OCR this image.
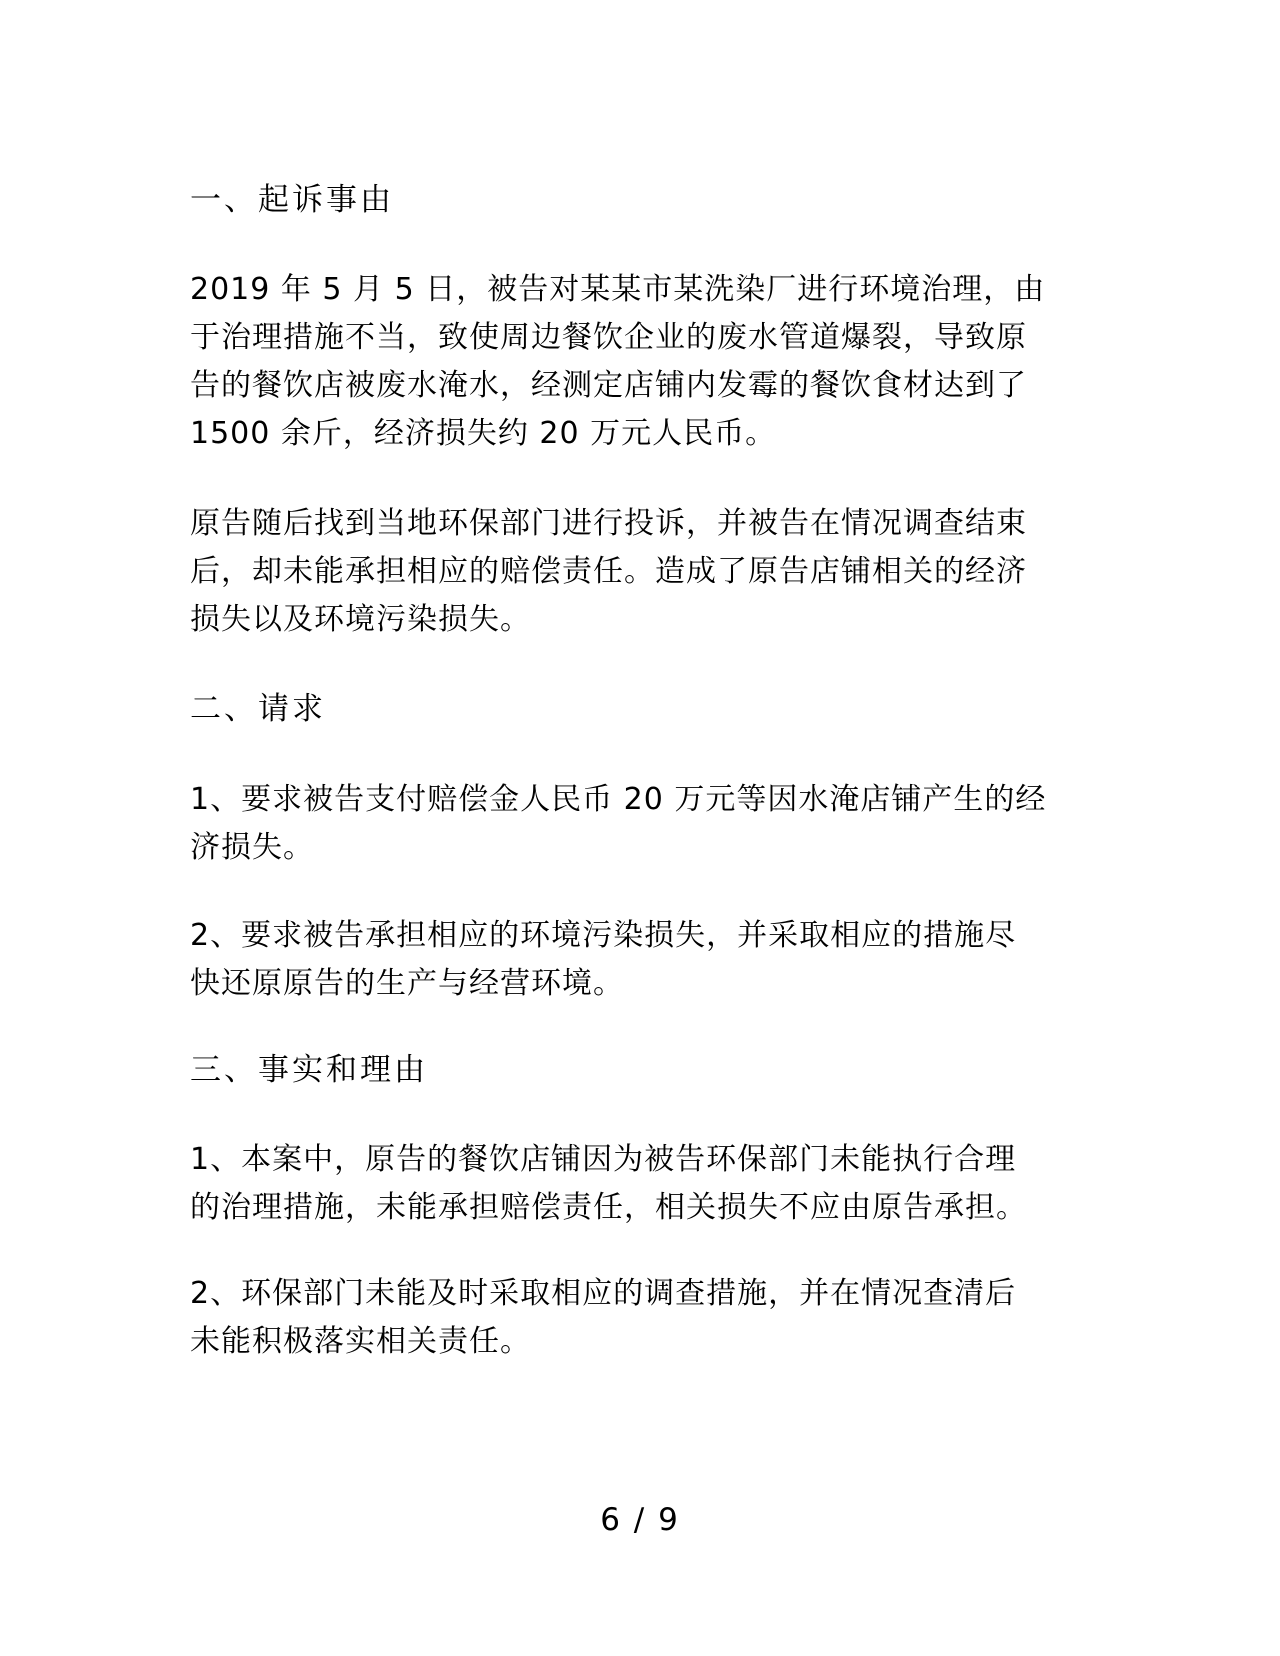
一、起诉事由
2019 年 5 月 5 日，被告对某某市某洗染厂进行环境治理，由
于治理措施不当，致使周边餐饮企业的废水管道爆裂，导致原
告的餐饮店被废水淹水，经测定店铺内发霉的餐饮食材达到了
1500 余斤，经济损失约 20 万元人民币。
原告随后找到当地环保部门进行投诉，并被告在情况调查结束
后，却未能承担相应的赔偿责任。造成了原告店铺相关的经济
损失以及环境污染损失。
二、请求
1、要求被告支付赔偿金人民币 20 万元等因水淹店铺产生的经
济损失。
2、要求被告承担相应的环境污染损失，并采取相应的措施尽
快还原原告的生产与经营环境。
三、事实和理由
1、本案中，原告的餐饮店铺因为被告环保部门未能执行合理
的治理措施，未能承担赔偿责任，相关损失不应由原告承担。
2、环保部门未能及时采取相应的调查措施，并在情况查清后
未能积极落实相关责任。
6 / 9
